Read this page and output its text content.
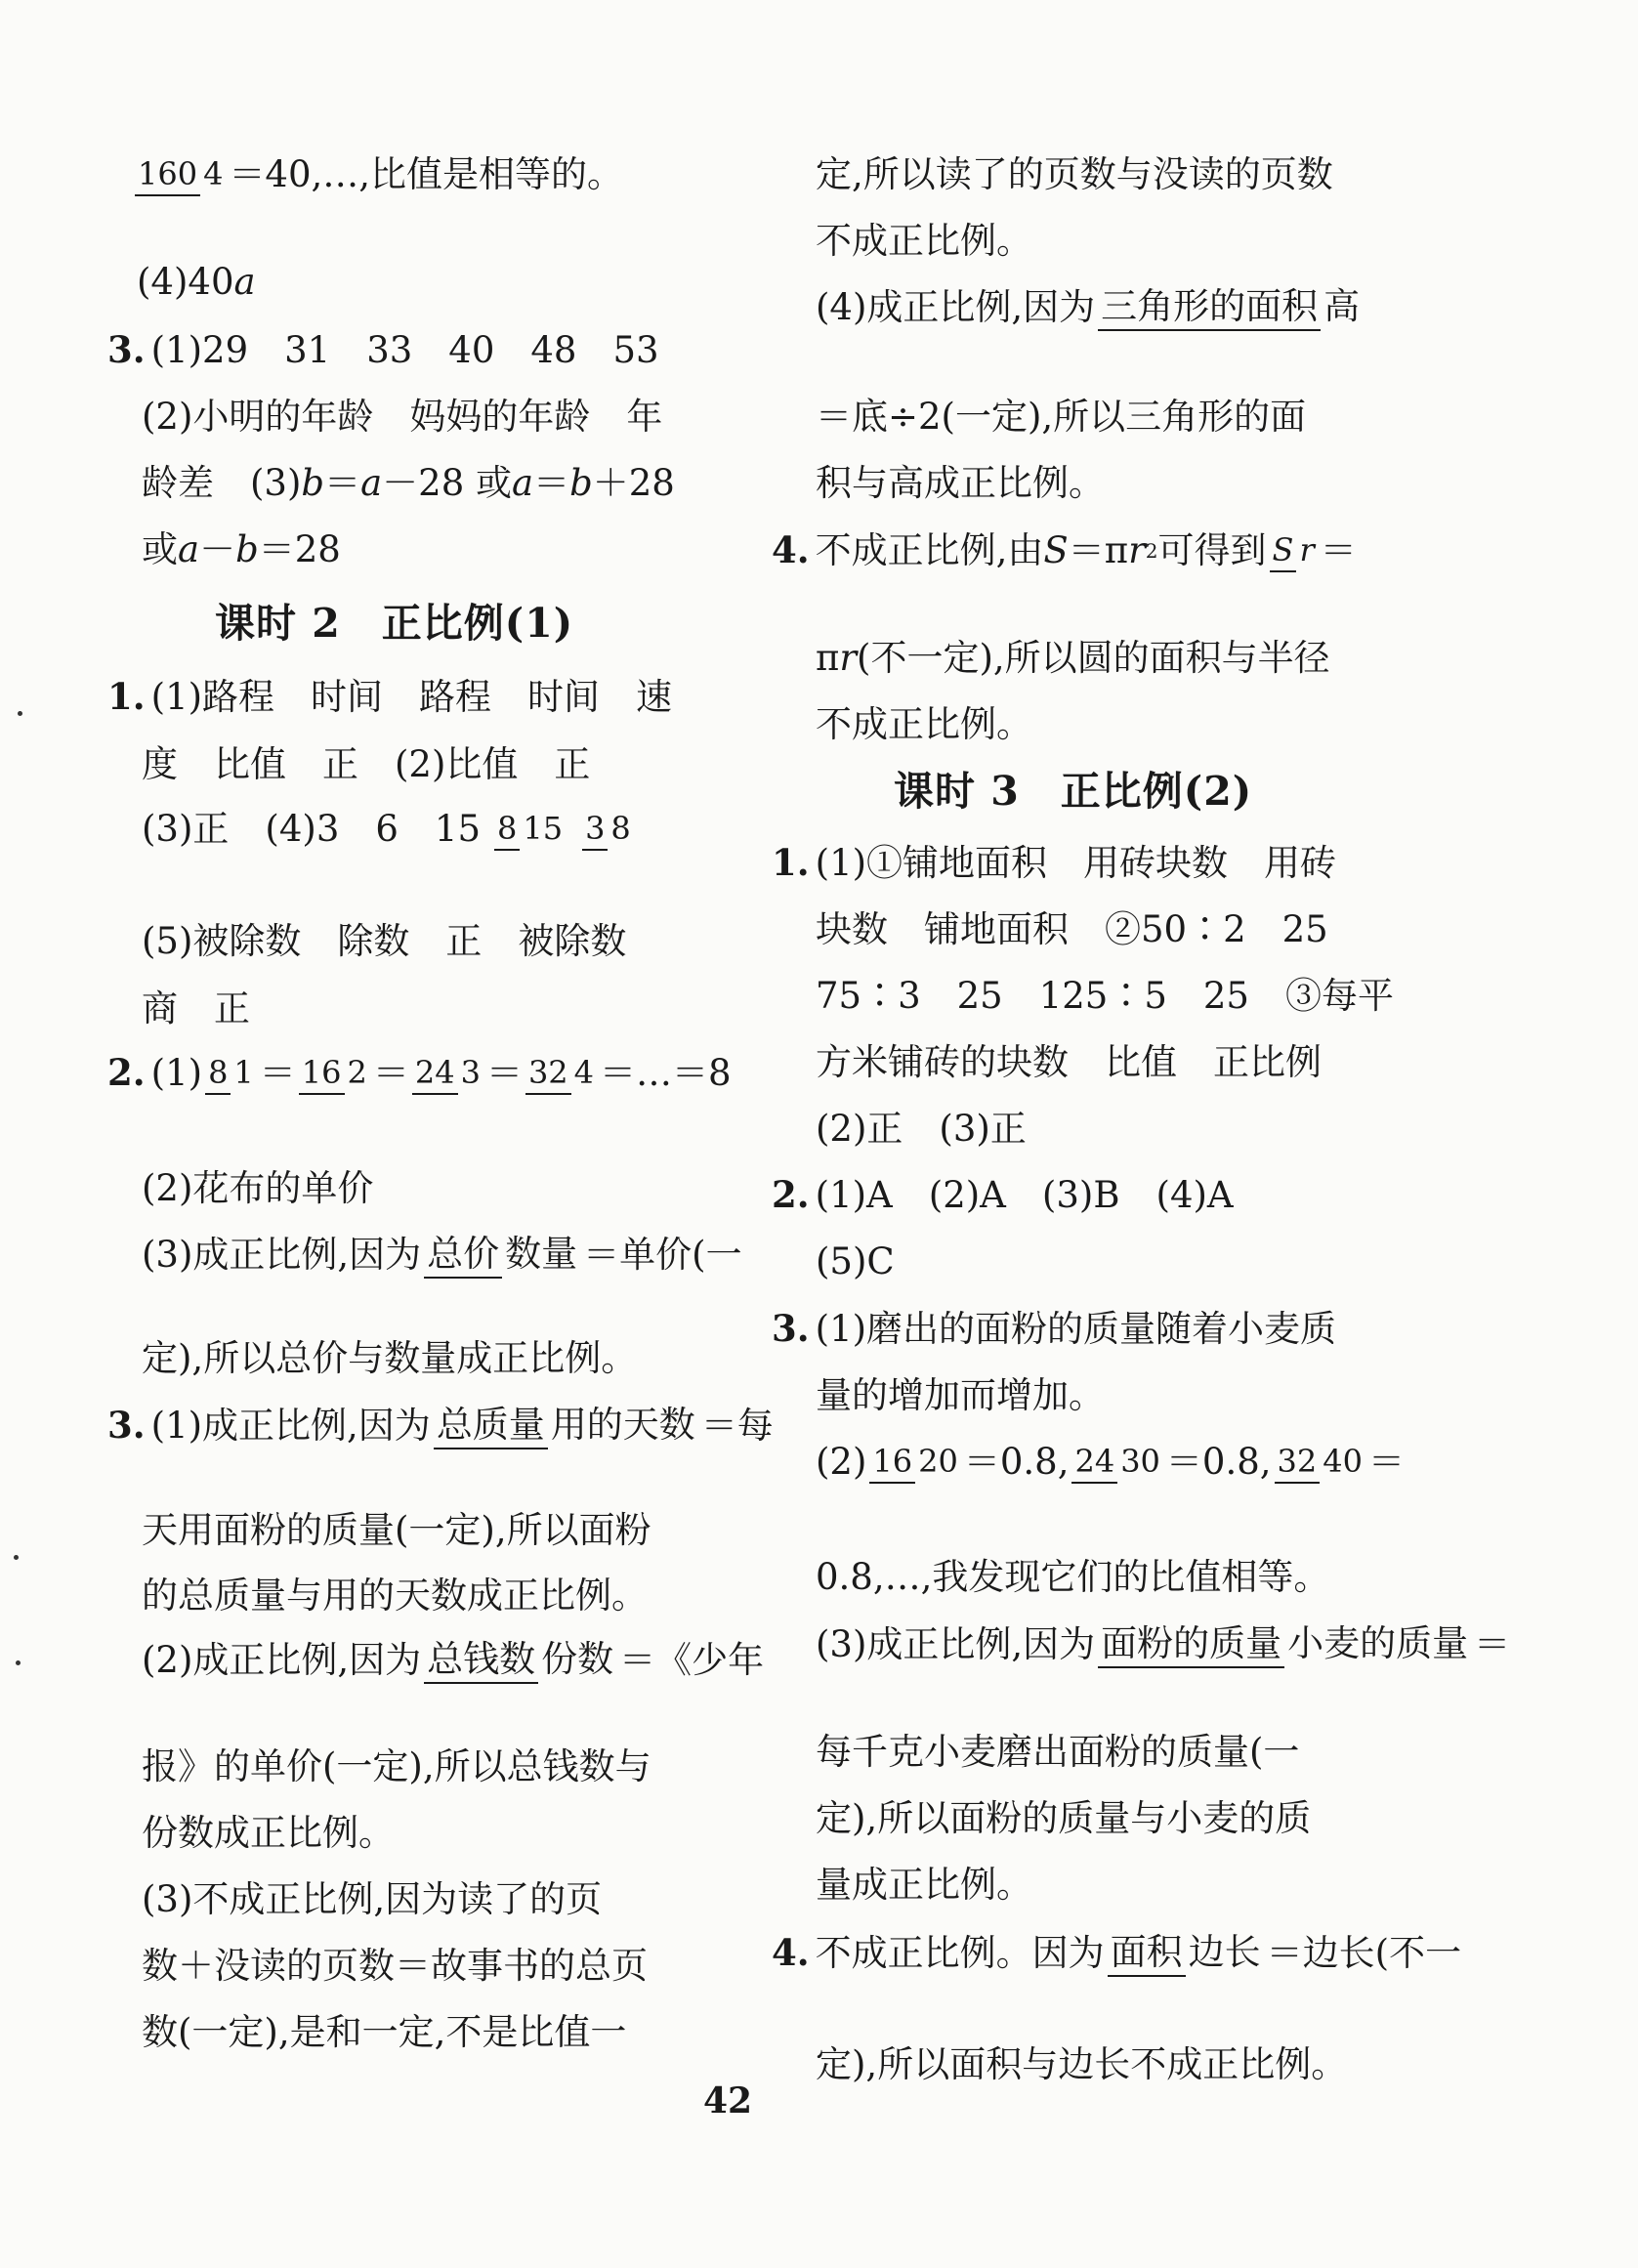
160 4 ＝40,…,比值是相等的。
(4)40 a
3. (1)29　31　33　40　48　53
(2)小明的年龄　妈妈的年龄　年
龄差　(3) b ＝ a －28 或 a ＝ b ＋28
或 a － b ＝28
课时 2　正比例(1)
1. (1)路程　时间　路程　时间　速
度　比值　正　(2)比值　正
(3)正　(4)3　6　15 8 15 3 8
(5)被除数　除数　正　被除数
商　正
2. (1) 8 1 ＝ 16 2 ＝ 24 3 ＝ 32 4 ＝…＝8
(2)花布的单价
(3)成正比例,因为 总价 数量 ＝单价(一
定),所以总价与数量成正比例。
3. (1)成正比例,因为 总质量 用的天数 ＝每
天用面粉的质量(一定),所以面粉
的总质量与用的天数成正比例。
(2)成正比例,因为 总钱数 份数 ＝《少年
报》的单价(一定),所以总钱数与
份数成正比例。
(3)不成正比例,因为读了的页
数＋没读的页数＝故事书的总页
数(一定),是和一定,不是比值一
定,所以读了的页数与没读的页数
不成正比例。
(4)成正比例,因为 三角形的面积 高
＝底÷2(一定),所以三角形的面
积与高成正比例。
4. 不成正比例,由 S ＝π r 2 可得到 S r ＝
π r (不一定),所以圆的面积与半径
不成正比例。
课时 3　正比例(2)
1. (1)①铺地面积　用砖块数　用砖
块数　铺地面积　②50∶2　25
75∶3　25　125∶5　25　③每平
方米铺砖的块数　比值　正比例
(2)正　(3)正
2. (1)A　(2)A　(3)B　(4)A
(5)C
3. (1)磨出的面粉的质量随着小麦质
量的增加而增加。
(2) 16 20 ＝0.8, 24 30 ＝0.8, 32 40 ＝
0.8,…,我发现它们的比值相等。
(3)成正比例,因为 面粉的质量 小麦的质量 ＝
每千克小麦磨出面粉的质量(一
定),所以面粉的质量与小麦的质
量成正比例。
4. 不成正比例。因为 面积 边长 ＝边长(不一
定),所以面积与边长不成正比例。
42
